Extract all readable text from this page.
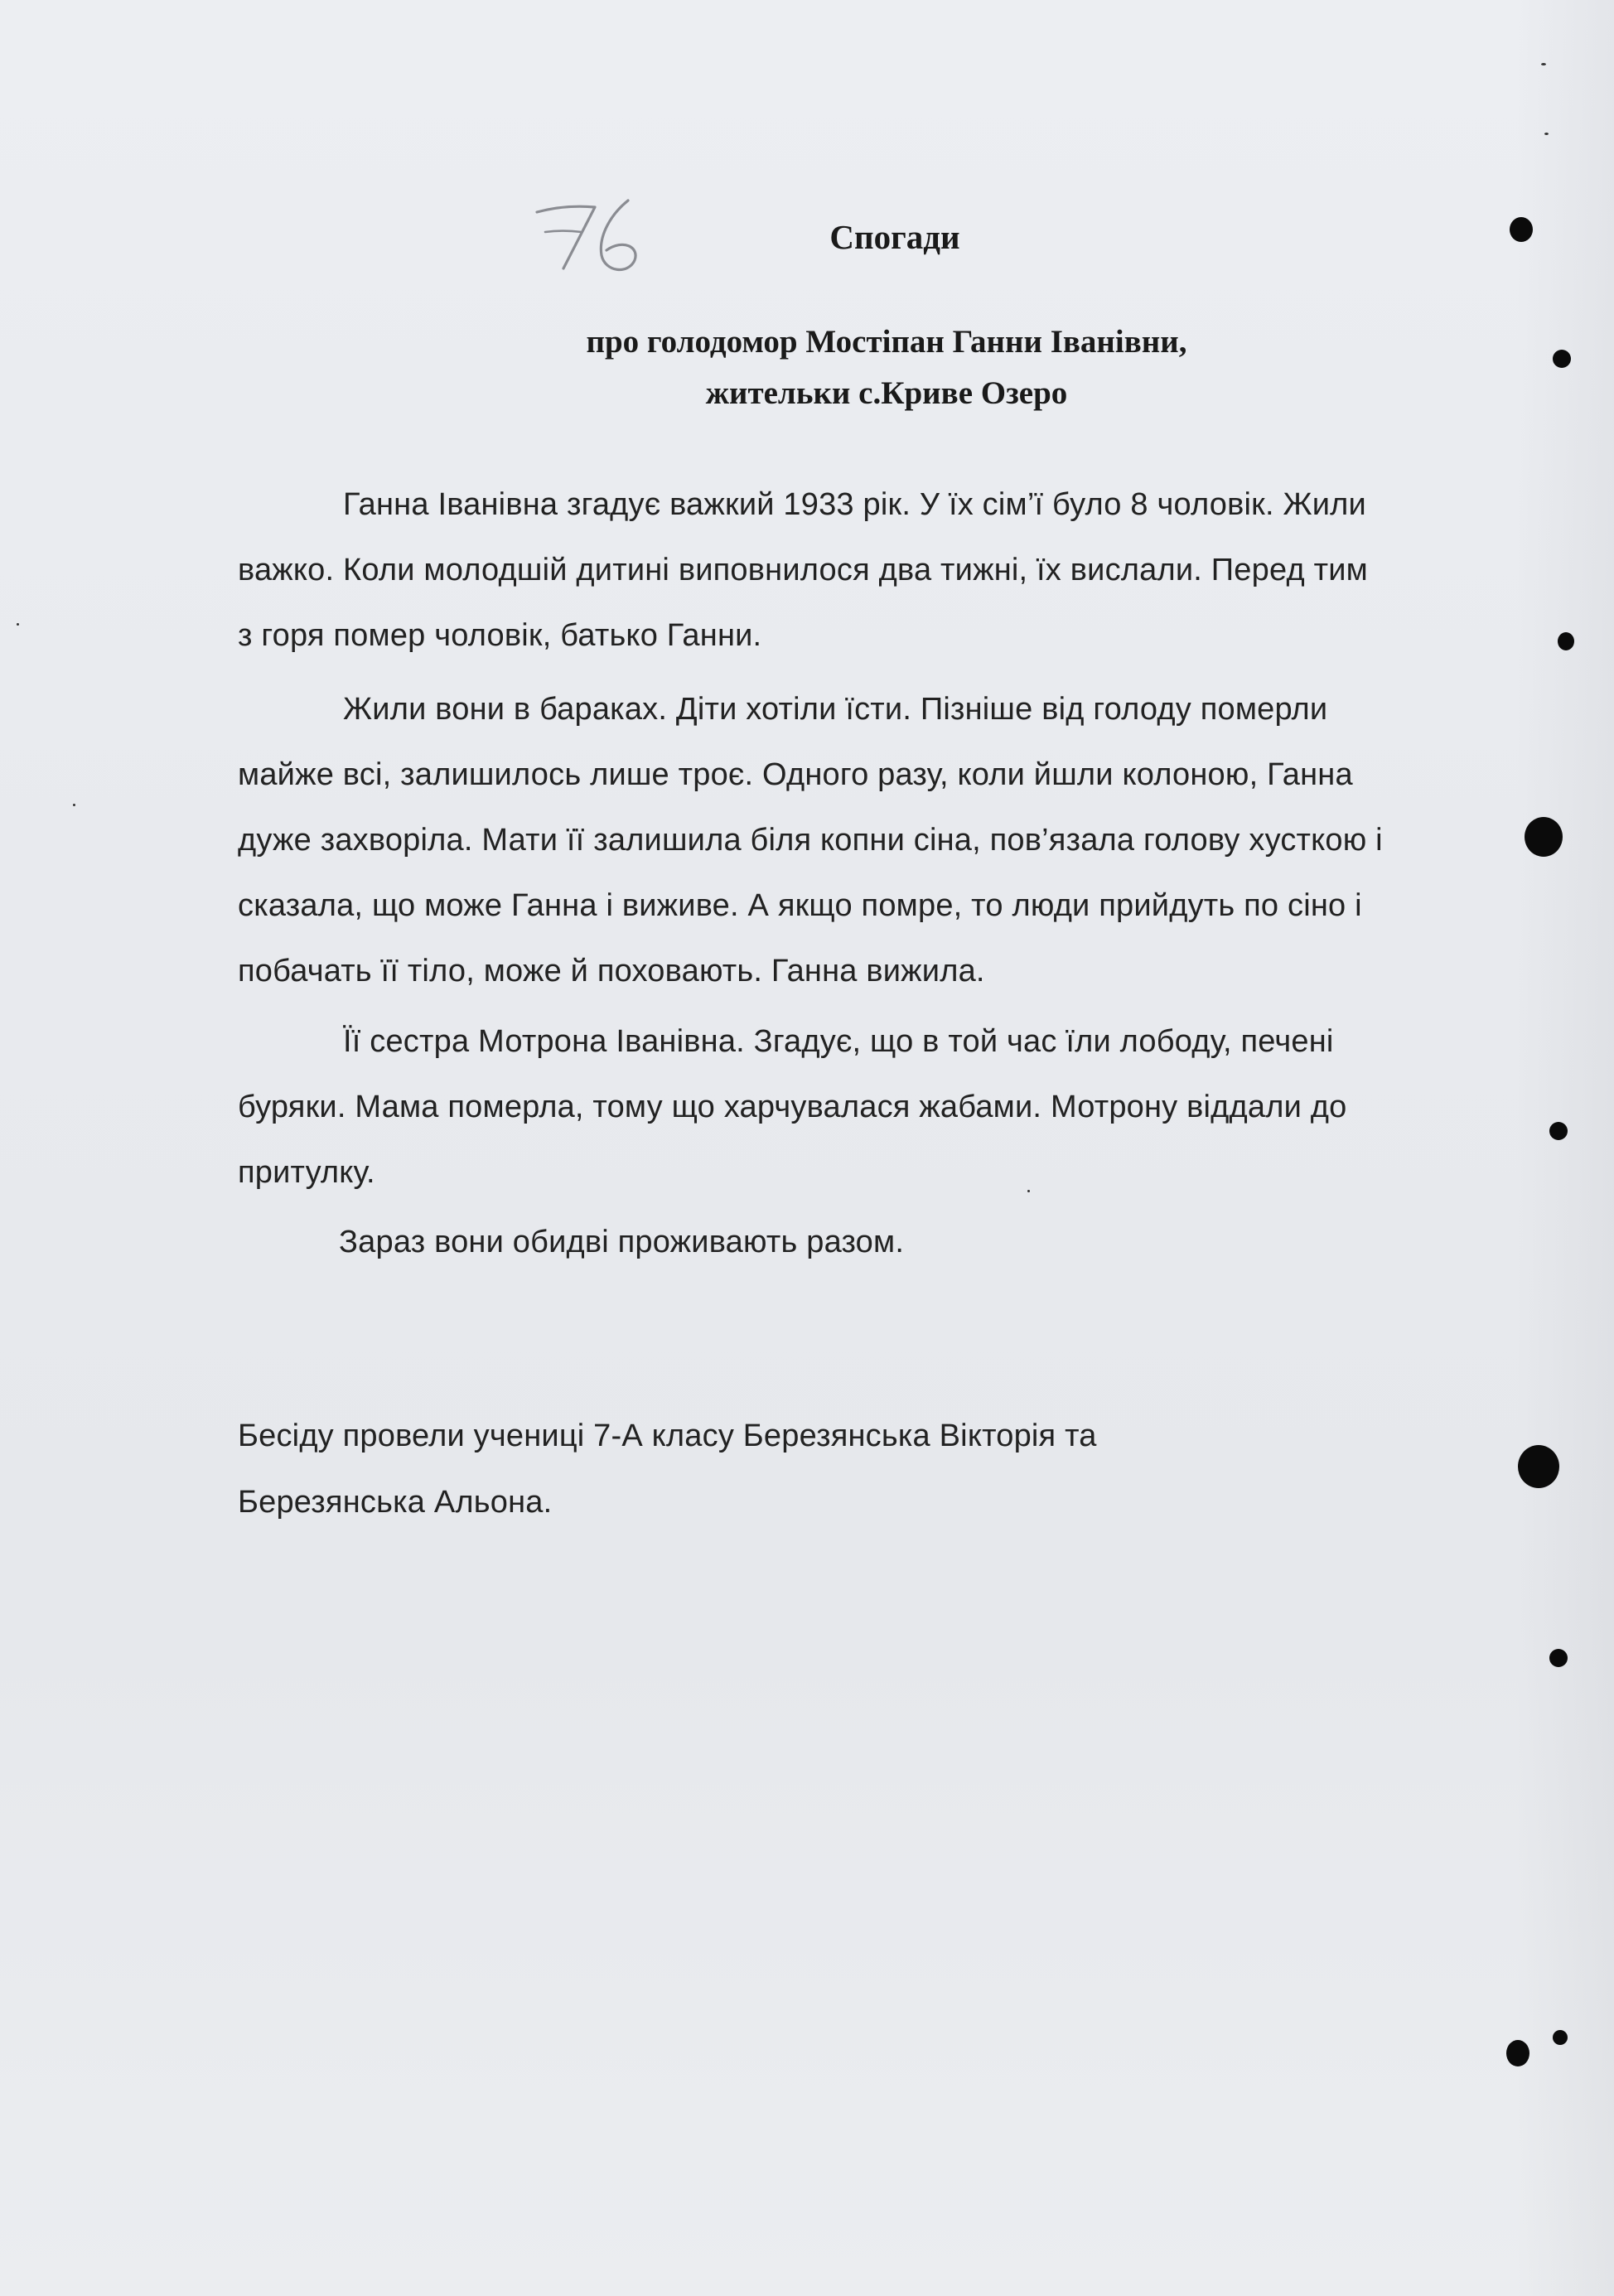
Спогади
про голодомор Мостіпан Ганни Іванівни,
жительки с.Криве Озеро
Ганна Іванівна згадує важкий 1933 рік. У їх сім’ї було 8 чоловік. Жили
важко. Коли молодшій дитині виповнилося два тижні, їх вислали. Перед тим
з горя помер чоловік, батько Ганни.
Жили вони в бараках. Діти хотіли їсти. Пізніше від голоду померли
майже всі, залишилось лише троє. Одного разу, коли йшли колоною, Ганна
дуже захворіла. Мати її залишила біля копни сіна, пов’язала голову хусткою і
сказала, що може Ганна і виживе. А якщо помре, то люди прийдуть по сіно і
побачать її тіло, може й поховають. Ганна вижила.
Її сестра Мотрона Іванівна. Згадує, що в той час їли лободу, печені
буряки. Мама померла, тому що харчувалася жабами. Мотрону віддали до
притулку.
Зараз вони обидві проживають разом.
Бесіду провели учениці 7-А класу Березянська Вікторія та
Березянська Альона.
